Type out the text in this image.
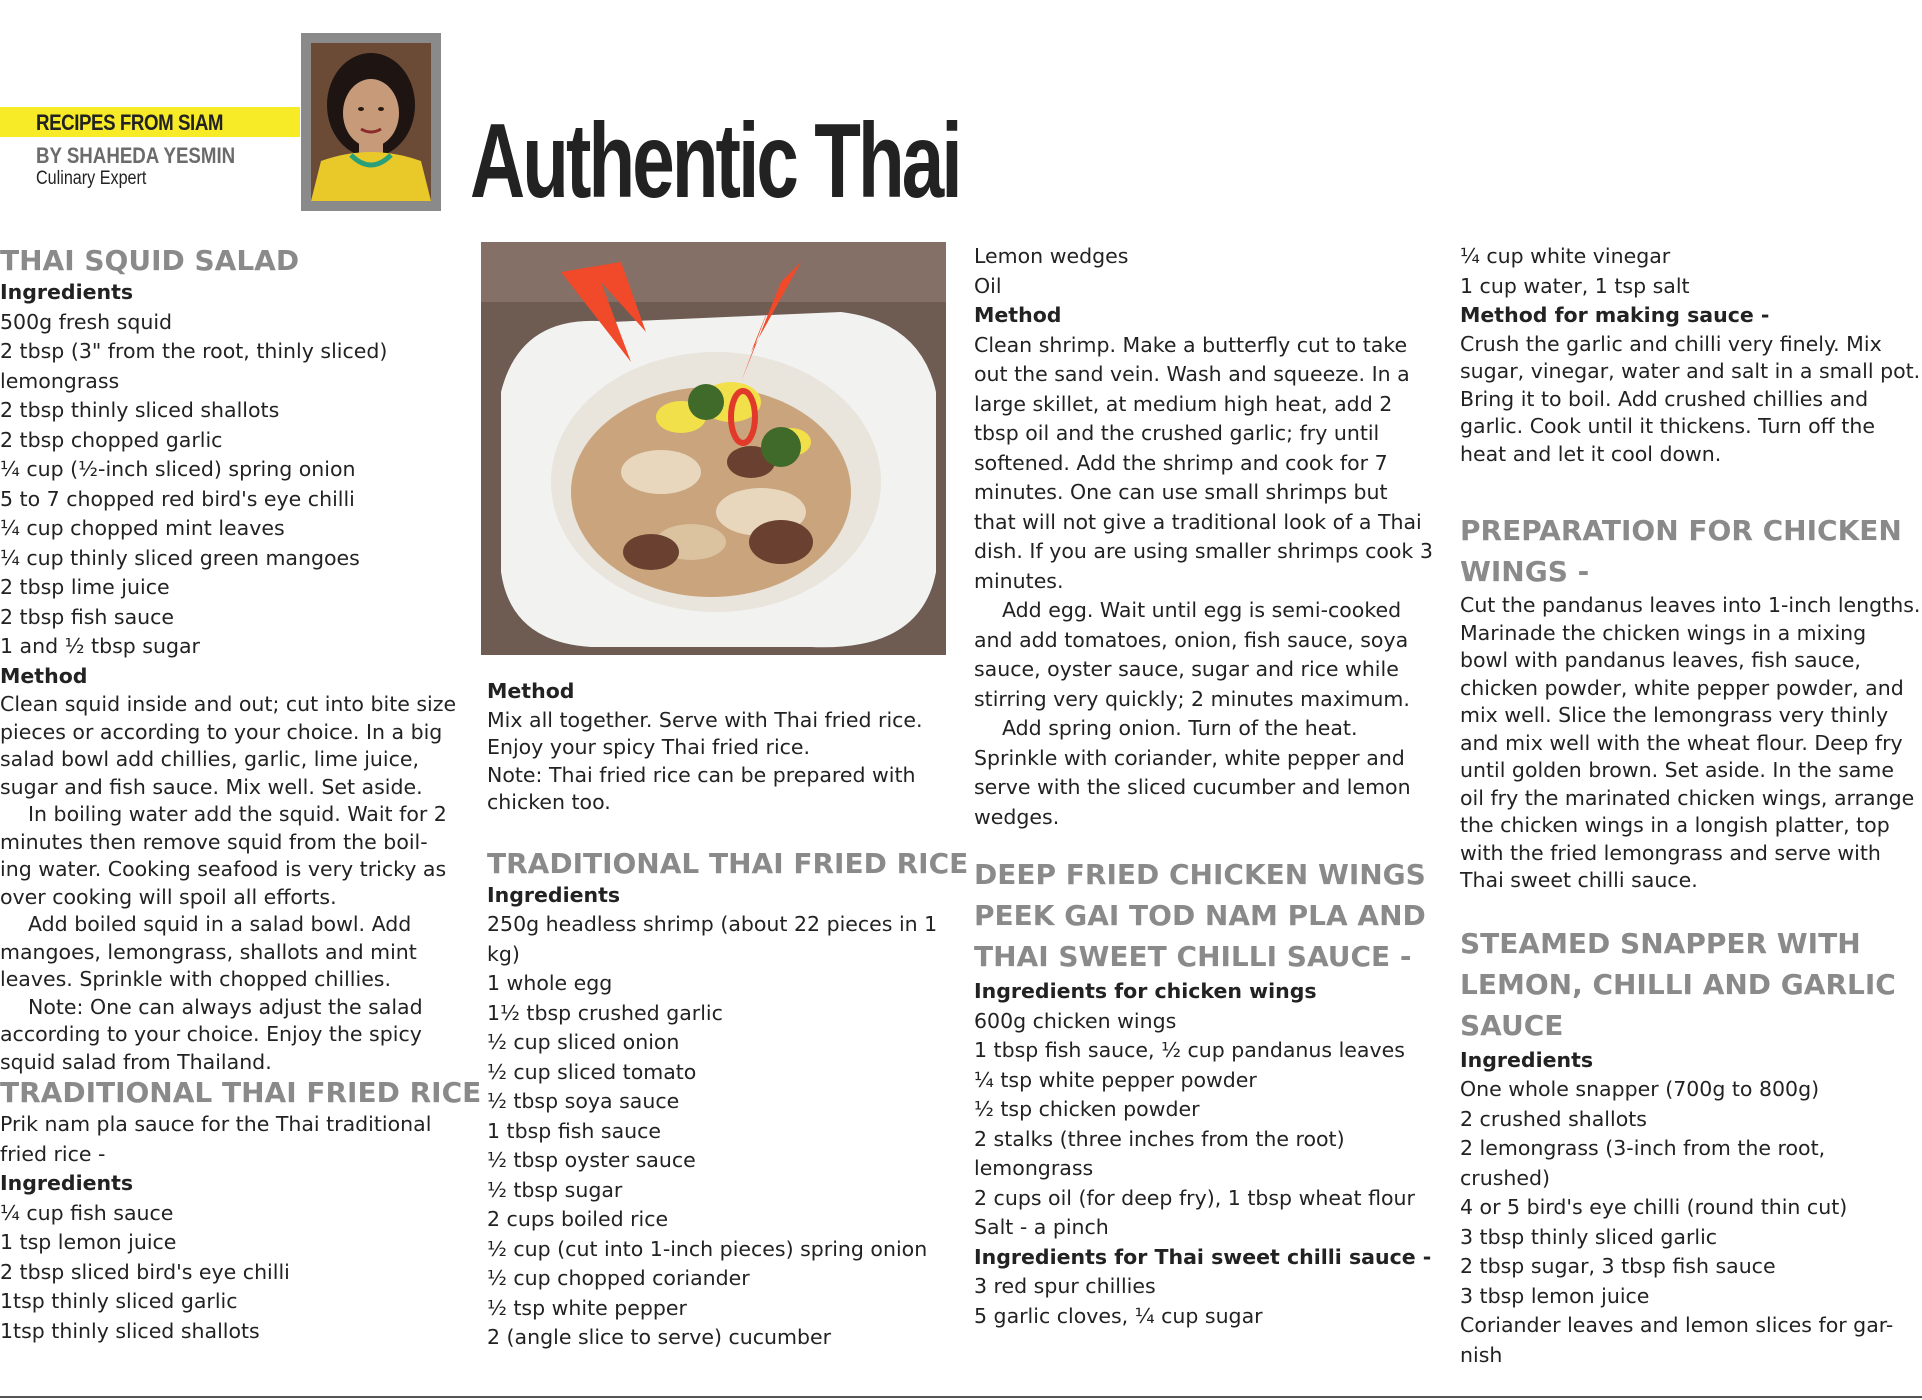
RECIPES FROM SIAM
BY SHAHEDA YESMIN
Culinary Expert	Authentic Thai
THAI SQUID SALAD
Ingredients
500g fresh squid
2 tbsp (3" from the root, thinly sliced)
lemongrass
2 tbsp thinly sliced shallots
2 tbsp chopped garlic
¼ cup (½-inch sliced) spring onion
5 to 7 chopped red bird's eye chilli
¼ cup chopped mint leaves
¼ cup thinly sliced green mangoes
2 tbsp lime juice
2 tbsp fish sauce
1 and ½ tbsp sugar
Method
Clean squid inside and out; cut into bite size
pieces or according to your choice. In a big
salad bowl add chillies, garlic, lime juice,
sugar and fish sauce. Mix well. Set aside.
In boiling water add the squid. Wait for 2
minutes then remove squid from the boil-
ing water. Cooking seafood is very tricky as
over cooking will spoil all efforts.
Add boiled squid in a salad bowl. Add
mangoes, lemongrass, shallots and mint
leaves. Sprinkle with chopped chillies.
Note: One can always adjust the salad
according to your choice. Enjoy the spicy
squid salad from Thailand.
TRADITIONAL THAI FRIED RICE
Prik nam pla sauce for the Thai traditional
fried rice -
Ingredients
¼ cup fish sauce
1 tsp lemon juice
2 tbsp sliced bird's eye chilli
1tsp thinly sliced garlic
1tsp thinly sliced shallots
Method
Mix all together. Serve with Thai fried rice.
Enjoy your spicy Thai fried rice.
Note: Thai fried rice can be prepared with
chicken too.
TRADITIONAL THAI FRIED RICE
Ingredients
250g headless shrimp (about 22 pieces in 1
kg)
1 whole egg
1½ tbsp crushed garlic
½ cup sliced onion
½ cup sliced tomato
½ tbsp soya sauce
1 tbsp fish sauce
½ tbsp oyster sauce
½ tbsp sugar
2 cups boiled rice
½ cup (cut into 1-inch pieces) spring onion
½ cup chopped coriander
½ tsp white pepper
2 (angle slice to serve) cucumber
Lemon wedges
Oil
Method
Clean shrimp. Make a butterfly cut to take
out the sand vein. Wash and squeeze. In a
large skillet, at medium high heat, add 2
tbsp oil and the crushed garlic; fry until
softened. Add the shrimp and cook for 7
minutes. One can use small shrimps but
that will not give a traditional look of a Thai
dish. If you are using smaller shrimps cook 3
minutes.
Add egg. Wait until egg is semi-cooked
and add tomatoes, onion, fish sauce, soya
sauce, oyster sauce, sugar and rice while
stirring very quickly; 2 minutes maximum.
Add spring onion. Turn of the heat.
Sprinkle with coriander, white pepper and
serve with the sliced cucumber and lemon
wedges.
DEEP FRIED CHICKEN WINGS
PEEK GAI TOD NAM PLA AND
THAI SWEET CHILLI SAUCE -
Ingredients for chicken wings
600g chicken wings
1 tbsp fish sauce, ½ cup pandanus leaves
¼ tsp white pepper powder
½ tsp chicken powder
2 stalks (three inches from the root)
lemongrass
2 cups oil (for deep fry), 1 tbsp wheat flour
Salt - a pinch
Ingredients for Thai sweet chilli sauce -
3 red spur chillies
5 garlic cloves, ¼ cup sugar
¼ cup white vinegar
1 cup water, 1 tsp salt
Method for making sauce -
Crush the garlic and chilli very finely. Mix
sugar, vinegar, water and salt in a small pot.
Bring it to boil. Add crushed chillies and
garlic. Cook until it thickens. Turn off the
heat and let it cool down.
PREPARATION FOR CHICKEN
WINGS -
Cut the pandanus leaves into 1-inch lengths.
Marinade the chicken wings in a mixing
bowl with pandanus leaves, fish sauce,
chicken powder, white pepper powder, and
mix well. Slice the lemongrass very thinly
and mix well with the wheat flour. Deep fry
until golden brown. Set aside. In the same
oil fry the marinated chicken wings, arrange
the chicken wings in a longish platter, top
with the fried lemongrass and serve with
Thai sweet chilli sauce.
STEAMED SNAPPER WITH
LEMON, CHILLI AND GARLIC
SAUCE
Ingredients
One whole snapper (700g to 800g)
2 crushed shallots
2 lemongrass (3-inch from the root,
crushed)
4 or 5 bird's eye chilli (round thin cut)
3 tbsp thinly sliced garlic
2 tbsp sugar, 3 tbsp fish sauce
3 tbsp lemon juice
Coriander leaves and lemon slices for gar-
nish
